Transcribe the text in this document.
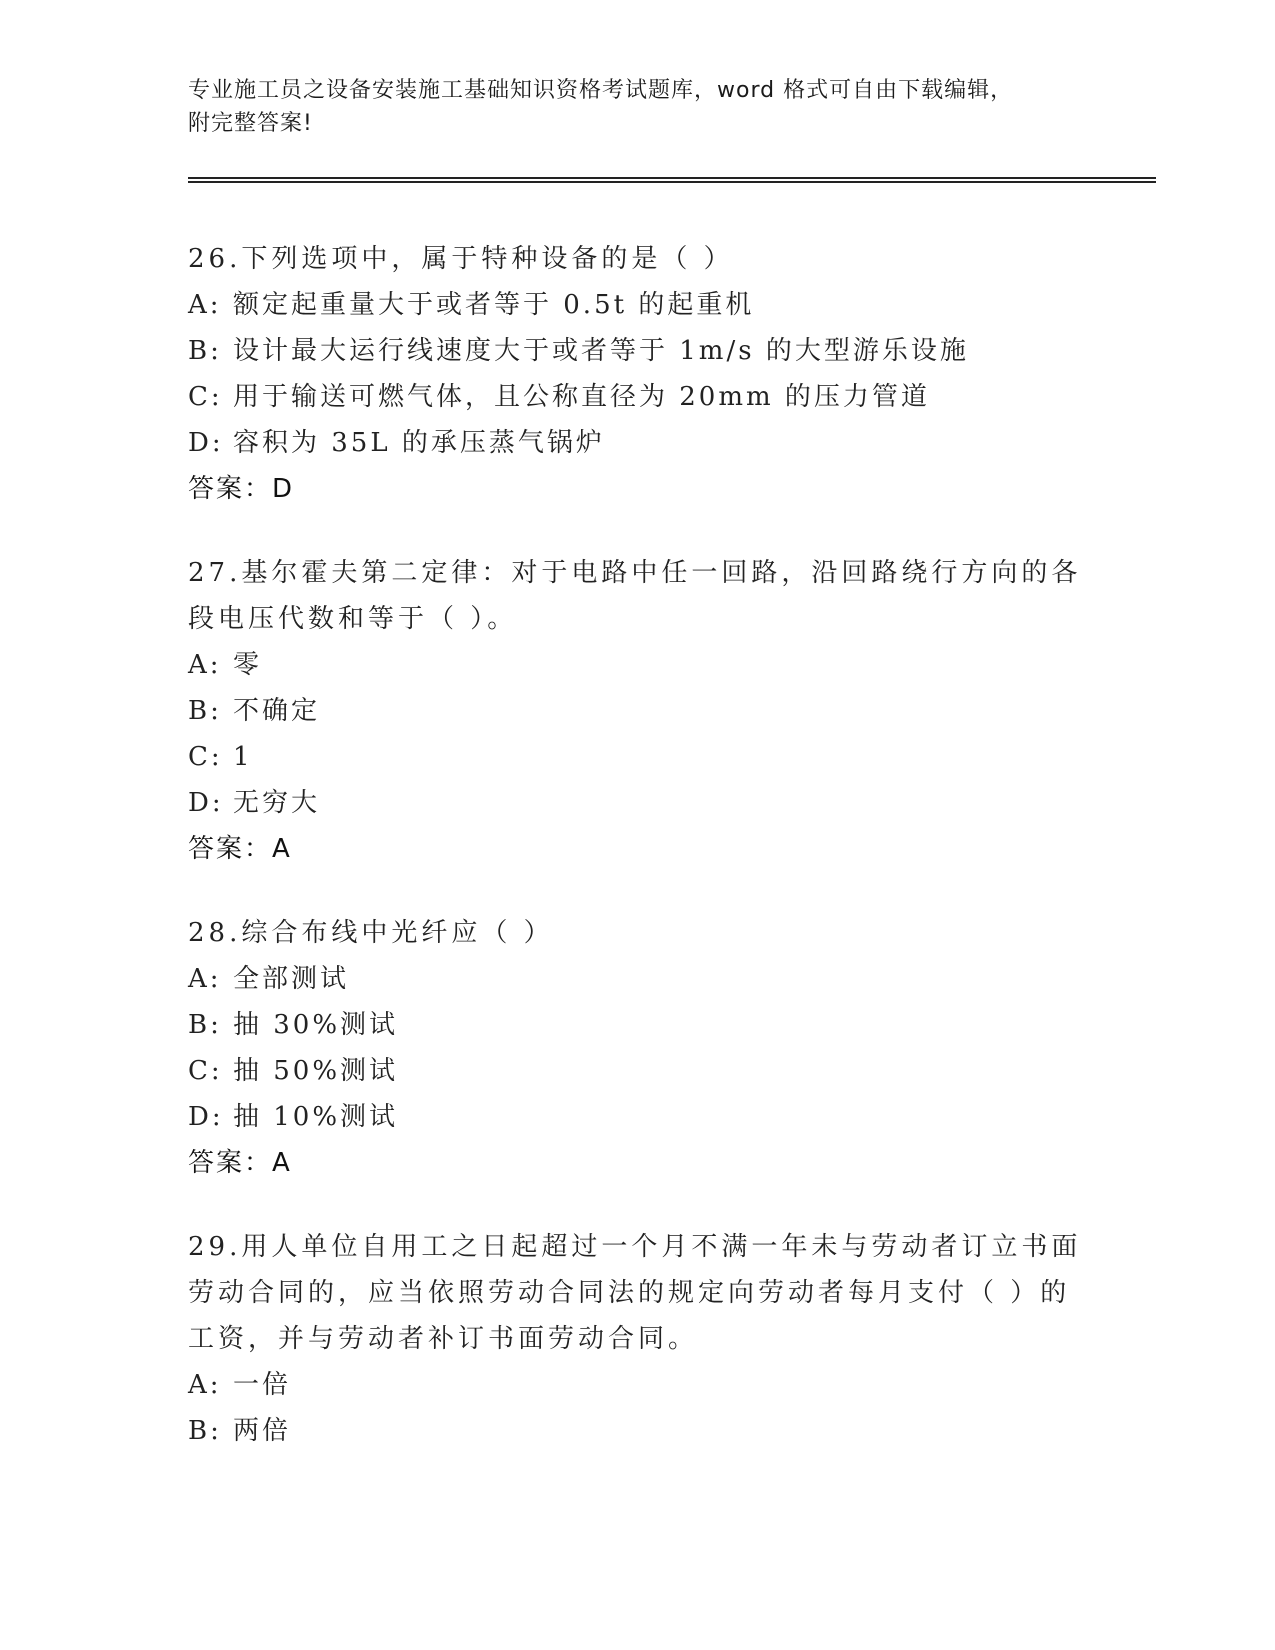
专业施工员之设备安装施工基础知识资格考试题库，word 格式可自由下载编辑，
附完整答案!

26.下列选项中，属于特种设备的是（ ）

A: 额定起重量大于或者等于 0.5t 的起重机

B: 设计最大运行线速度大于或者等于 1m/s 的大型游乐设施

C: 用于输送可燃气体，且公称直径为 20mm 的压力管道

D: 容积为 35L 的承压蒸气锅炉

答案：D

27.基尔霍夫第二定律：对于电路中任一回路，沿回路绕行方向的各段电压代数和等于（ ）。

A: 零

B: 不确定

C: 1

D: 无穷大

答案：A

28.综合布线中光纤应（ ）

A: 全部测试

B: 抽 30%测试

C: 抽 50%测试

D: 抽 10%测试

答案：A

29.用人单位自用工之日起超过一个月不满一年未与劳动者订立书面劳动合同的，应当依照劳动合同法的规定向劳动者每月支付（ ）的工资，并与劳动者补订书面劳动合同。

A: 一倍

B: 两倍
